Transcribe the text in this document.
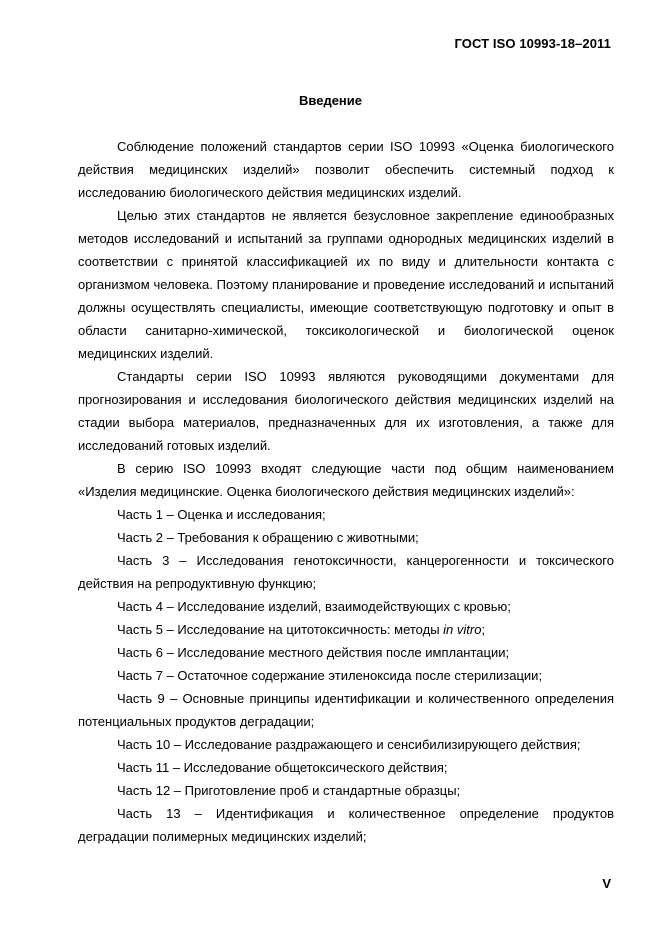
ГОСТ ISO 10993-18–2011
Введение

Соблюдение положений стандартов серии ISO 10993 «Оценка биологического действия медицинских изделий» позволит обеспечить системный подход к исследованию биологического действия медицинских изделий.

Целью этих стандартов не является безусловное закрепление единообразных методов исследований и испытаний за группами однородных медицинских изделий в соответствии с принятой классификацией их по виду и длительности контакта с организмом человека. Поэтому планирование и проведение исследований и испытаний должны осуществлять специалисты, имеющие соответствующую подготовку и опыт в области санитарно-химической, токсикологической и биологической оценок медицинских изделий.

Стандарты серии ISO 10993 являются руководящими документами для прогнозирования и исследования биологического действия медицинских изделий на стадии выбора материалов, предназначенных для их изготовления, а также для исследований готовых изделий.

В серию ISO 10993 входят следующие части под общим наименованием «Изделия медицинские. Оценка биологического действия медицинских изделий»:

Часть 1 – Оценка и исследования;

Часть 2 – Требования к обращению с животными;

Часть 3 – Исследования генотоксичности, канцерогенности и токсического действия на репродуктивную функцию;

Часть 4 – Исследование изделий, взаимодействующих с кровью;

Часть 5 – Исследование на цитотоксичность: методы in vitro;

Часть 6 – Исследование местного действия после имплантации;

Часть 7 – Остаточное содержание этиленоксида после стерилизации;

Часть 9 – Основные принципы идентификации и количественного определения потенциальных продуктов деградации;

Часть 10 – Исследование раздражающего и сенсибилизирующего действия;

Часть 11 – Исследование общетоксического действия;

Часть 12 – Приготовление проб и стандартные образцы;

Часть 13 – Идентификация и количественное определение продуктов деградации полимерных медицинских изделий;

V
